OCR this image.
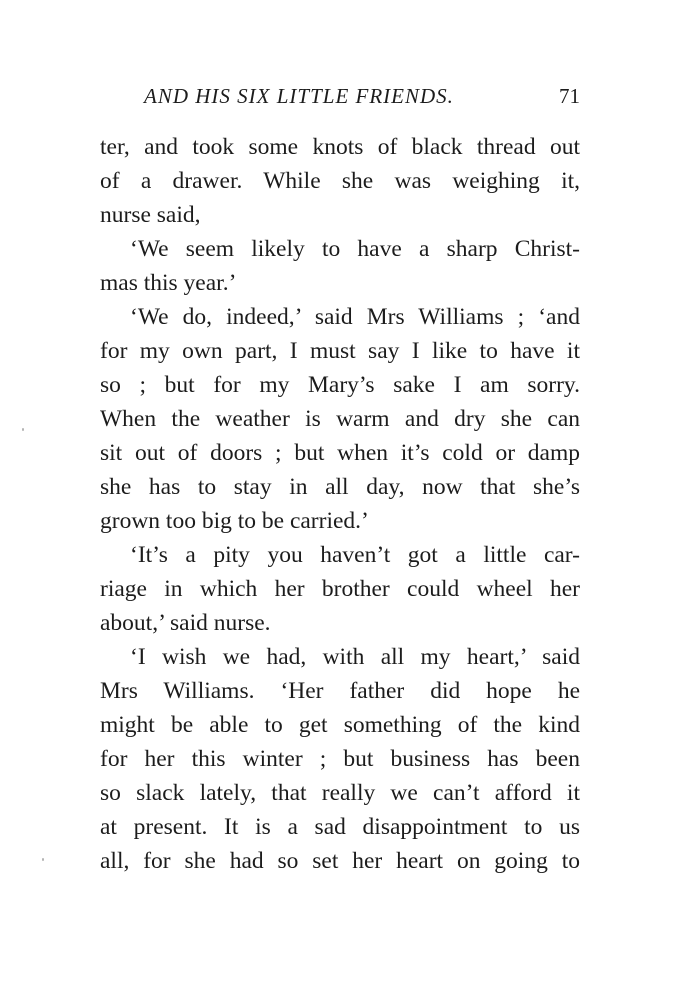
AND HIS SIX LITTLE FRIENDS.	71
ter, and took some knots of black thread out
of a drawer. While she was weighing it,
nurse said,
‘We seem likely to have a sharp Christ-
mas this year.’
‘We do, indeed,’ said Mrs Williams ; ‘and
for my own part, I must say I like to have it
so ; but for my Mary’s sake I am sorry.
When the weather is warm and dry she can
sit out of doors ; but when it’s cold or damp
she has to stay in all day, now that she’s
grown too big to be carried.’
‘It’s a pity you haven’t got a little car-
riage in which her brother could wheel her
about,’ said nurse.
‘I wish we had, with all my heart,’ said
Mrs Williams. ‘Her father did hope he
might be able to get something of the kind
for her this winter ; but business has been
so slack lately, that really we can’t afford it
at present. It is a sad disappointment to us
all, for she had so set her heart on going to
